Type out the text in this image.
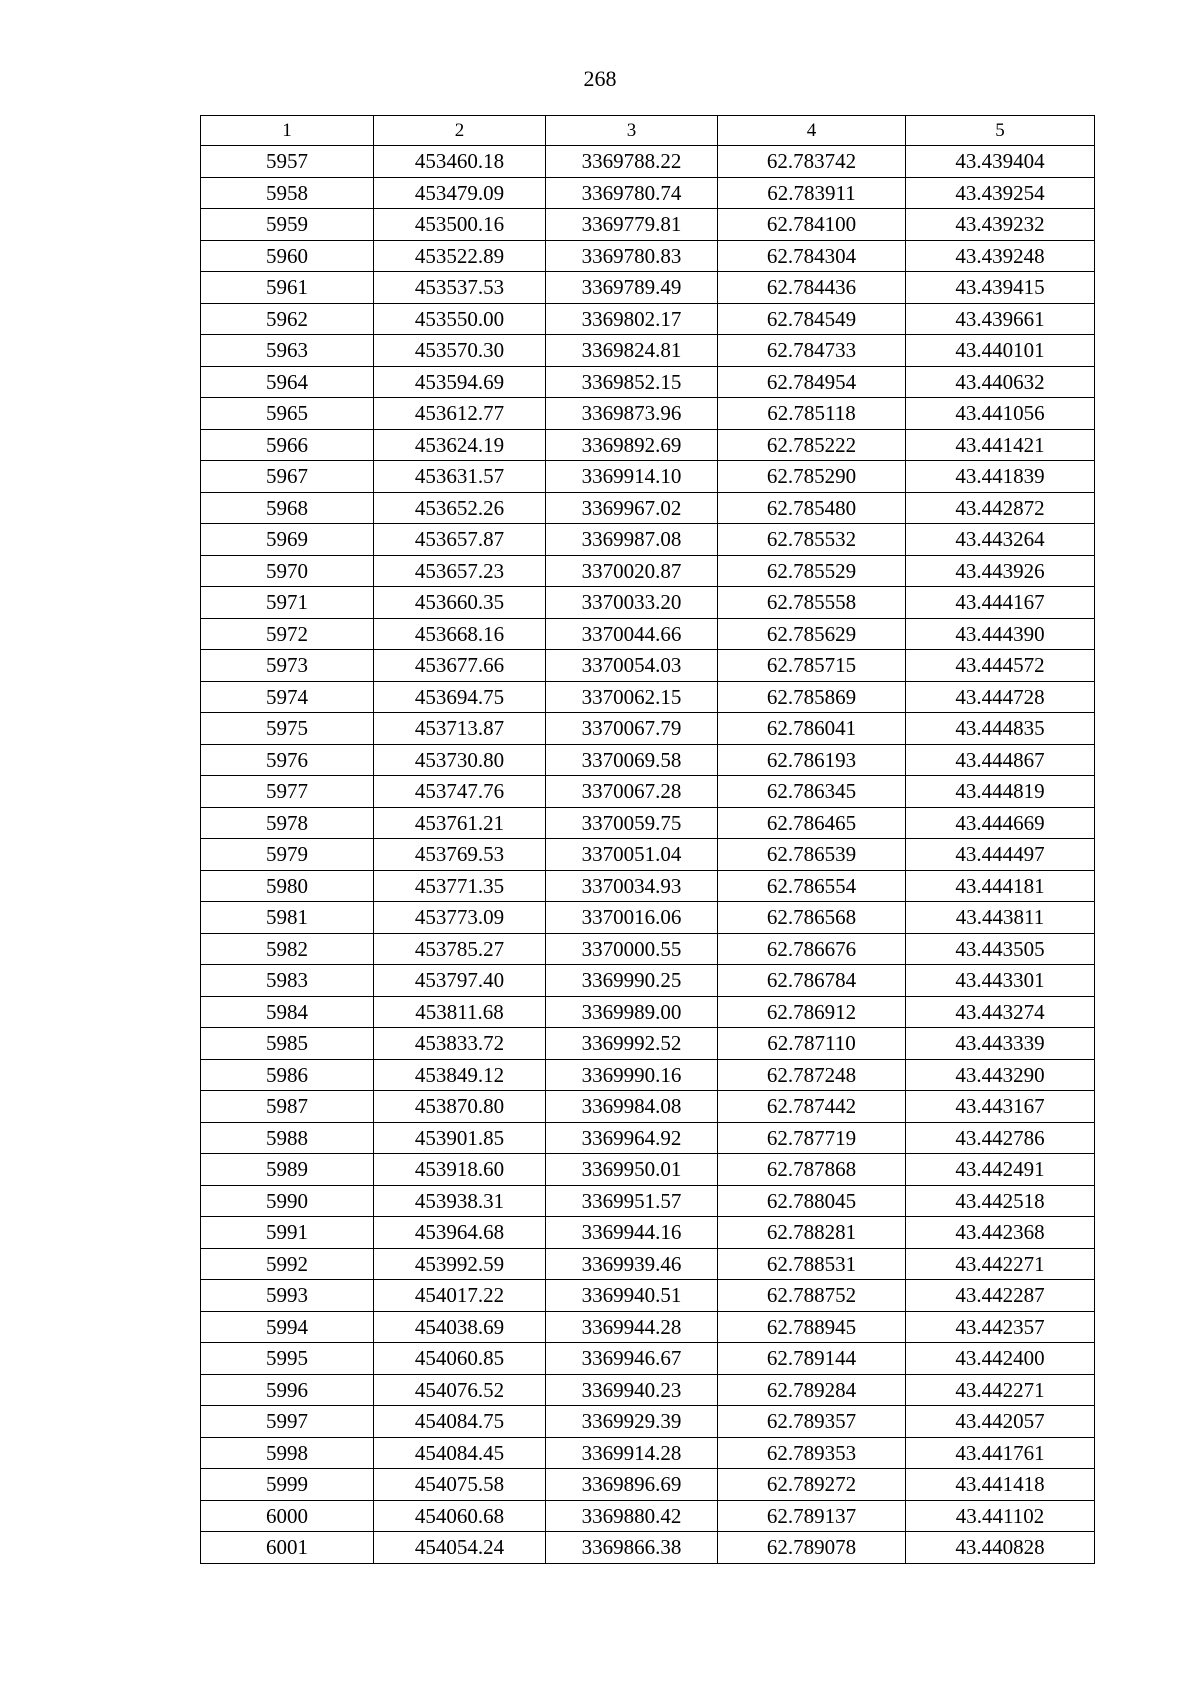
268
1	2	3	4	5
5957	453460.18	3369788.22	62.783742	43.439404
5958	453479.09	3369780.74	62.783911	43.439254
5959	453500.16	3369779.81	62.784100	43.439232
5960	453522.89	3369780.83	62.784304	43.439248
5961	453537.53	3369789.49	62.784436	43.439415
5962	453550.00	3369802.17	62.784549	43.439661
5963	453570.30	3369824.81	62.784733	43.440101
5964	453594.69	3369852.15	62.784954	43.440632
5965	453612.77	3369873.96	62.785118	43.441056
5966	453624.19	3369892.69	62.785222	43.441421
5967	453631.57	3369914.10	62.785290	43.441839
5968	453652.26	3369967.02	62.785480	43.442872
5969	453657.87	3369987.08	62.785532	43.443264
5970	453657.23	3370020.87	62.785529	43.443926
5971	453660.35	3370033.20	62.785558	43.444167
5972	453668.16	3370044.66	62.785629	43.444390
5973	453677.66	3370054.03	62.785715	43.444572
5974	453694.75	3370062.15	62.785869	43.444728
5975	453713.87	3370067.79	62.786041	43.444835
5976	453730.80	3370069.58	62.786193	43.444867
5977	453747.76	3370067.28	62.786345	43.444819
5978	453761.21	3370059.75	62.786465	43.444669
5979	453769.53	3370051.04	62.786539	43.444497
5980	453771.35	3370034.93	62.786554	43.444181
5981	453773.09	3370016.06	62.786568	43.443811
5982	453785.27	3370000.55	62.786676	43.443505
5983	453797.40	3369990.25	62.786784	43.443301
5984	453811.68	3369989.00	62.786912	43.443274
5985	453833.72	3369992.52	62.787110	43.443339
5986	453849.12	3369990.16	62.787248	43.443290
5987	453870.80	3369984.08	62.787442	43.443167
5988	453901.85	3369964.92	62.787719	43.442786
5989	453918.60	3369950.01	62.787868	43.442491
5990	453938.31	3369951.57	62.788045	43.442518
5991	453964.68	3369944.16	62.788281	43.442368
5992	453992.59	3369939.46	62.788531	43.442271
5993	454017.22	3369940.51	62.788752	43.442287
5994	454038.69	3369944.28	62.788945	43.442357
5995	454060.85	3369946.67	62.789144	43.442400
5996	454076.52	3369940.23	62.789284	43.442271
5997	454084.75	3369929.39	62.789357	43.442057
5998	454084.45	3369914.28	62.789353	43.441761
5999	454075.58	3369896.69	62.789272	43.441418
6000	454060.68	3369880.42	62.789137	43.441102
6001	454054.24	3369866.38	62.789078	43.440828
